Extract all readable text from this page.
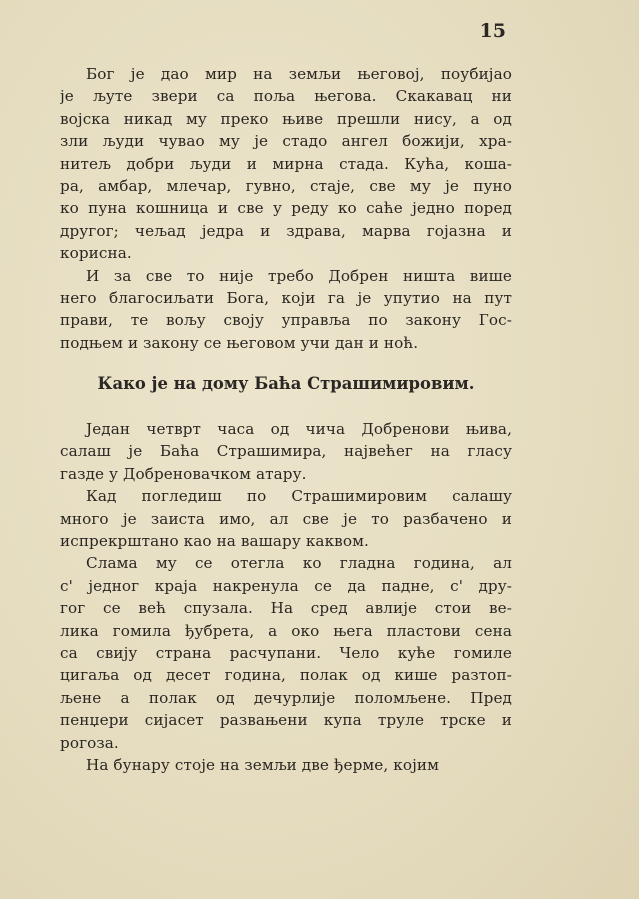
15
Бог је дао мир на земљи његовој, поубијао
је љуте звери са поља његова. Скакавац ни
војска никад му преко њиве прешли нису, а од
зли људи чувао му је стадо ангел божији, хра-
нитељ добри људи и мирна стада. Кућа, коша-
ра, амбар, млечар, гувно, стаје, све му је пуно
ко пуна кошница и све у реду ко саће једно поред
другог; чељад једра и здрава, марва гојазна и
корисна.
И за све то није требо Добрен ништа више
него благосиљати Бога, који га је упутио на пут
прави, те вољу своју управља по закону Гос-
подњем и закону се његовом учи дан и ноћ.
Како је на дому Баћа Страшимировим.
Један четврт часа од чича Добренови њива,
салаш је Баћа Страшимира, највећег на гласу
газде у Добреновачком атару.
Кад погледиш по Страшимировим салашу
много је заиста имо, ал све је то разбачено и
испрекрштано као на вашару каквом.
Слама му се отегла ко гладна година, ал
с' једног краја накренула се да падне, с' дру-
гог се већ спузала. На сред авлије стои ве-
лика гомила ђубрета, а око њега пластови сена
са свију страна расчупани. Чело куће гомиле
цигаља од десет година, полак од кише разтоп-
љене а полак од дечурлије поломљене. Пред
пенџери сијасет развањени купа труле трске и
рогоза.
На бунару стоје на земљи две ђерме, којим
